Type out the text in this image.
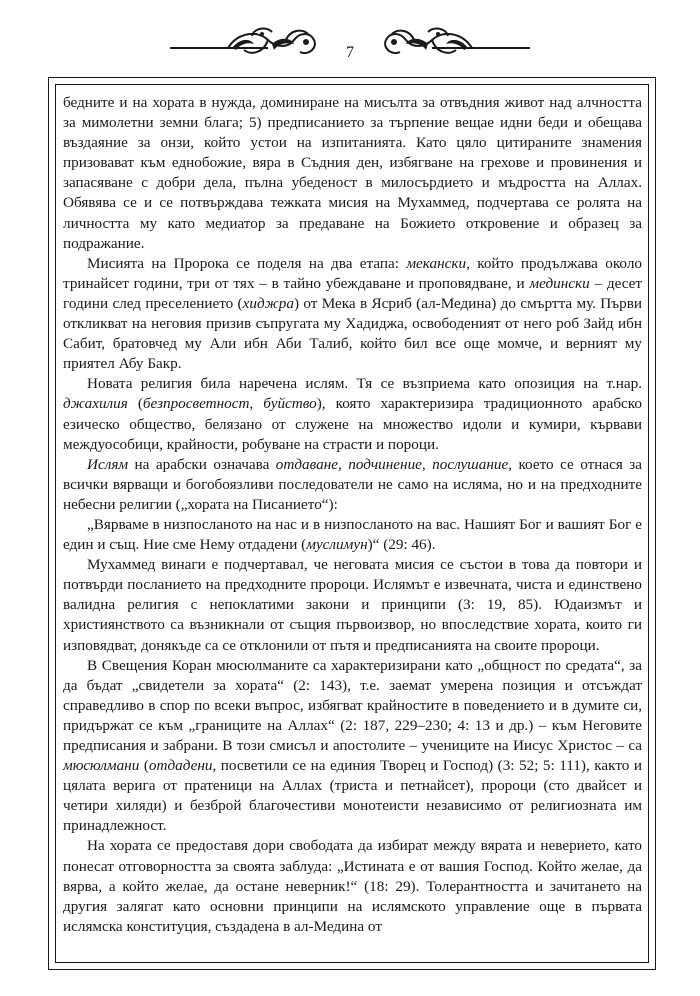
7

бедните и на хората в нужда, доминиране на мисълта за отвъдния живот над алчността за мимолетни земни блага; 5) предписанието за търпение вещае идни беди и обещава въздаяние за онзи, който устои на изпитанията. Като цяло цитираните знамения призовават към еднобожие, вяра в Съдния ден, избягване на грехове и провинения и запасяване с добри дела, пълна убеденост в милосърдието и мъдростта на Аллах. Обявява се и се потвърждава тежката мисия на Мухаммед, подчертава се ролята на личността му като медиатор за предаване на Божието откровение и образец за подражание.

Мисията на Пророка се поделя на два етапа: мекански, който продължава около тринайсет години, три от тях – в тайно убеждаване и проповядване, и медински – десет години след преселението (хиджра) от Мека в Ясриб (ал-Медина) до смъртта му. Първи откликват на неговия призив съпругата му Хадиджа, освободеният от него роб Зайд ибн Сабит, братовчед му Али ибн Аби Талиб, който бил все още момче, и верният му приятел Абу Бакр.

Новата религия била наречена ислям. Тя се възприема като опозиция на т.нар. джахилия (безпросветност, буйство), която характеризира традиционното арабско езическо общество, белязано от служене на множество идоли и кумири, кървави междуособици, крайности, робуване на страсти и пороци.

Ислям на арабски означава отдаване, подчинение, послушание, което се отнася за всички вярващи и богобоязливи последователи не само на исляма, но и на предходните небесни религии („хората на Писанието“):

„Вярваме в низпосланото на нас и в низпосланото на вас. Нашият Бог и вашият Бог е един и същ. Ние сме Нему отдадени (муслимун)“ (29: 46).

Мухаммед винаги е подчертавал, че неговата мисия се състои в това да повтори и потвърди посланието на предходните пророци. Ислямът е извечната, чиста и единствено валидна религия с непоклатими закони и принципи (3: 19, 85). Юдаизмът и християнството са възникнали от същия първоизвор, но впоследствие хората, които ги изповядват, донякъде са се отклонили от пътя и предписанията на своите пророци.

В Свещения Коран мюсюлманите са характеризирани като „общност по средата“, за да бъдат „свидетели за хората“ (2: 143), т.е. заемат умерена позиция и отсъждат справедливо в спор по всеки въпрос, избягват крайностите в поведението и в думите си, придържат се към „границите на Аллах“ (2: 187, 229–230; 4: 13 и др.) – към Неговите предписания и забрани. В този смисъл и апостолите – учениците на Иисус Христос – са мюсюлмани (отдадени, посветили се на единия Творец и Господ) (3: 52; 5: 111), както и цялата верига от пратеници на Аллах (триста и петнайсет), пророци (сто двайсет и четири хиляди) и безброй благочестиви монотеисти независимо от религиозната им принадлежност.

На хората се предоставя дори свободата да избират между вярата и неверието, като понесат отговорността за своята заблуда: „Истината е от вашия Господ. Който желае, да вярва, а който желае, да остане неверник!“ (18: 29). Толерантността и зачитането на другия залягат като основни принципи на ислямското управление още в първата ислямска конституция, създадена в ал-Медина от
